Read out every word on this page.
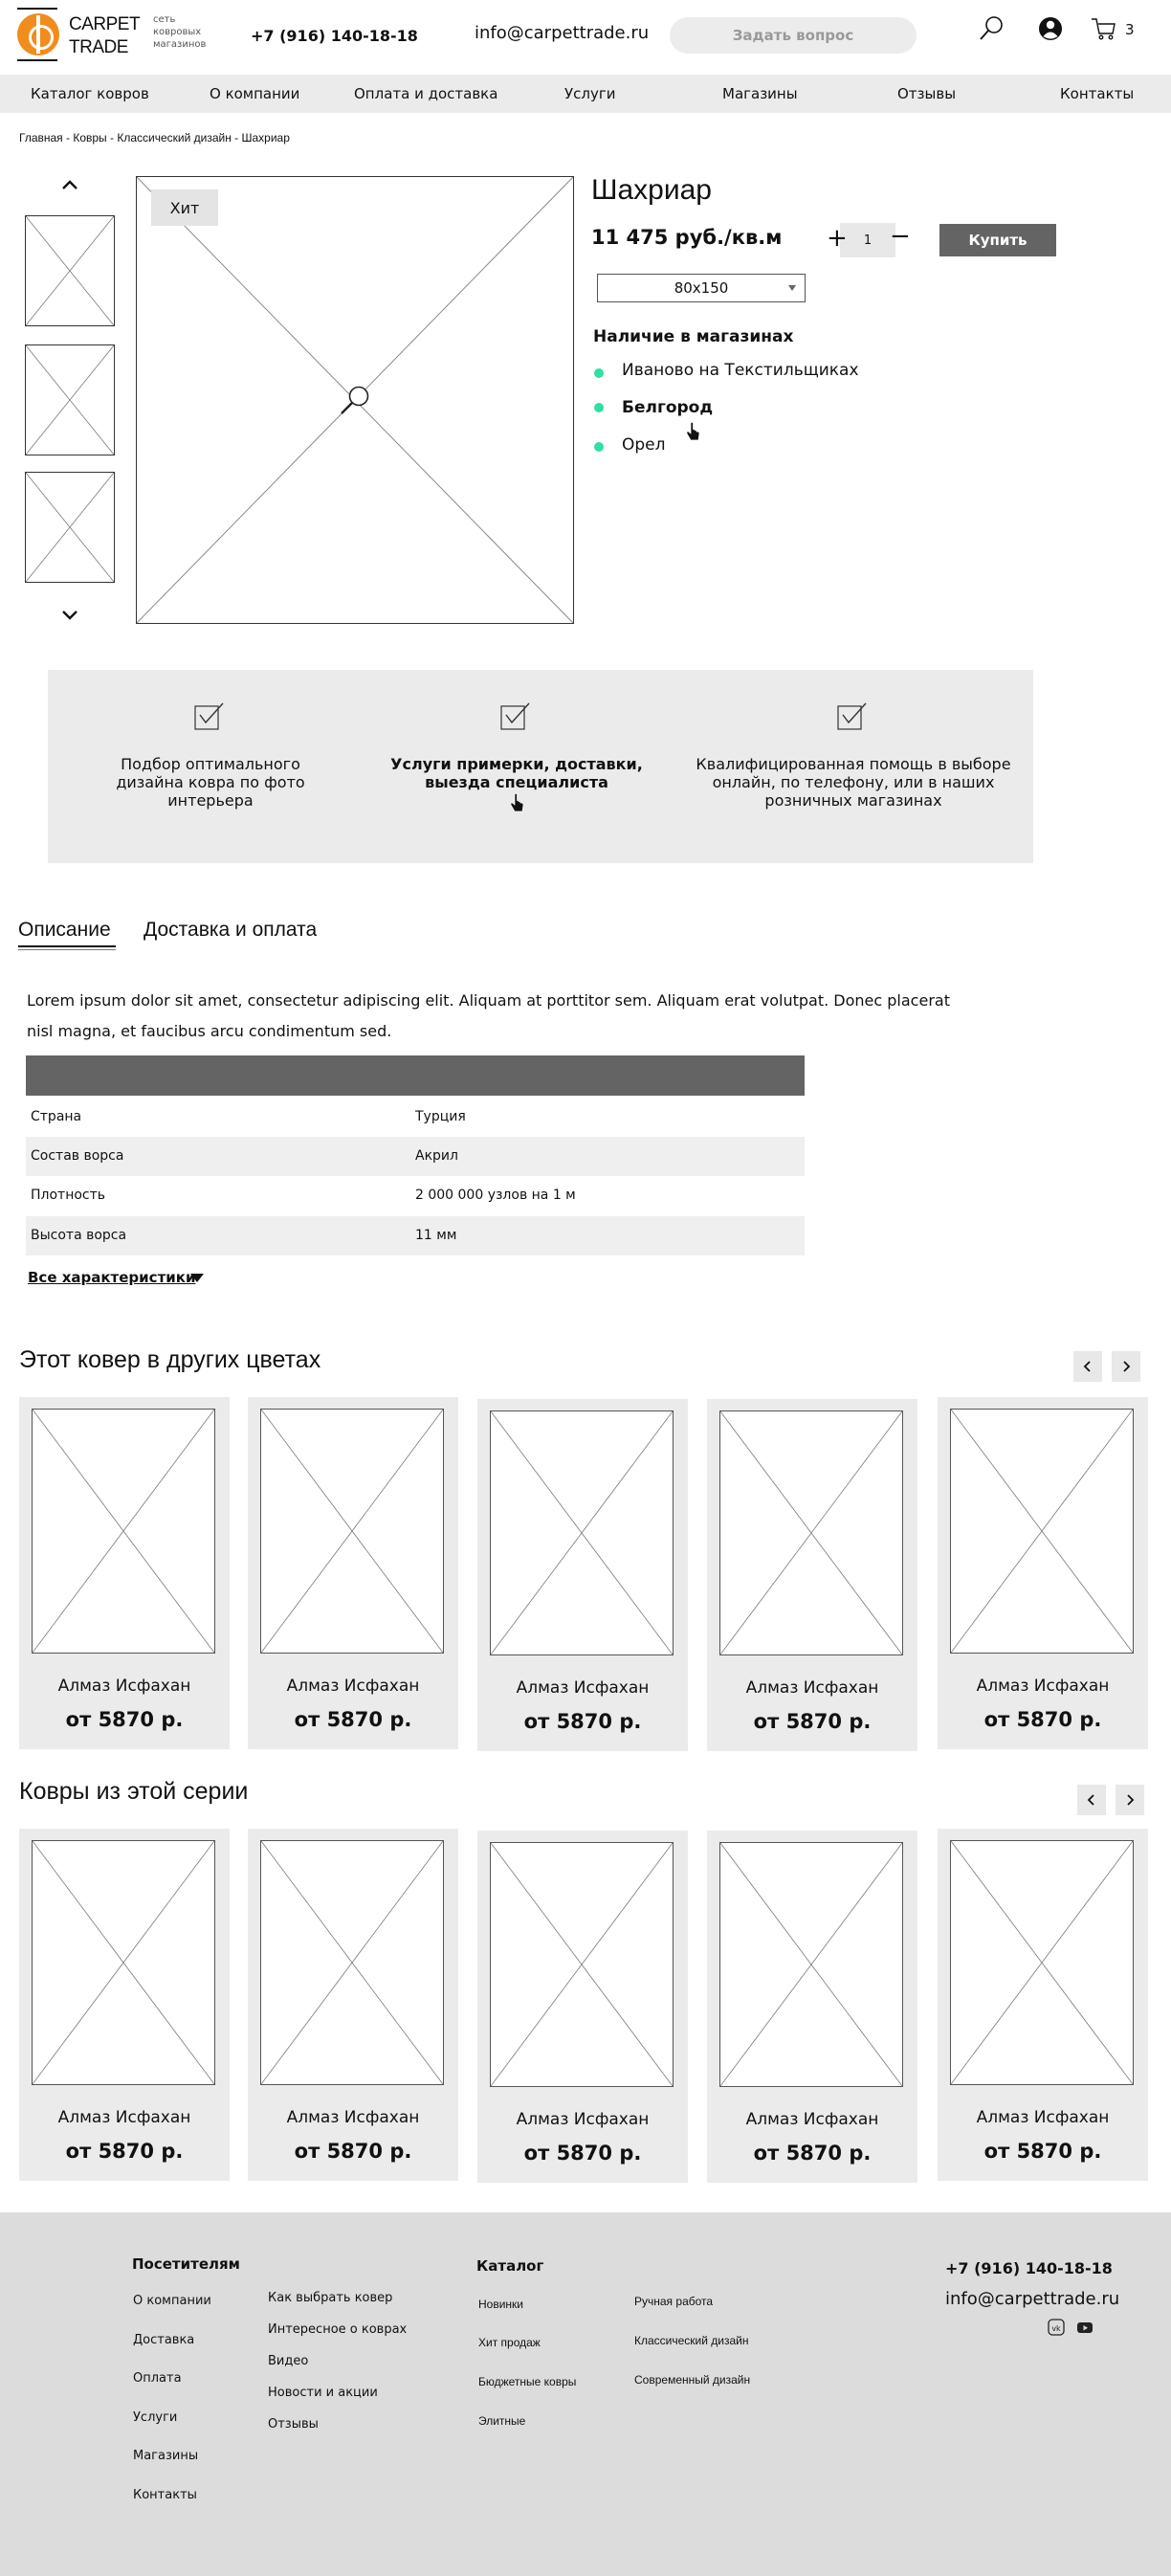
CARPET
TRADE
сеть
ковровых
магазинов	+7 (916) 140-18-18	info@carpettrade.ru	Задать вопрос	3
Каталог ковров	О компании	Оплата и доставка	Услуги	Магазины	Отзывы	Контакты
Главная - Ковры - Классический дизайн - Шахриар
Хит
Шахриар
11 475 руб./кв.м	1
+ −	Купить
80x150
Наличие в магазинах
Иваново на Текстильщиках
Белгород
Орел
Подбор оптимального
дизайна ковра по фото
интерьера
Услуги примерки, доставки,
выезда специалиста
Квалифицированная помощь в выборе
онлайн, по телефону, или в наших
розничных магазинах
Описание Доставка и оплата
Lorem ipsum dolor sit amet, consectetur adipiscing elit. Aliquam at porttitor sem. Aliquam erat volutpat. Donec placerat
nisl magna, et faucibus arcu condimentum sed.
Страна	Турция
Состав ворса	Акрил
Плотность	2 000 000 узлов на 1 м
Высота ворса	11 мм
Все характеристики
Этот ковер в других цветах
Алмаз Исфахан
от 5870 р.
Алмаз Исфахан
от 5870 р.
Алмаз Исфахан
от 5870 р.
Алмаз Исфахан
от 5870 р.
Алмаз Исфахан
от 5870 р.
Ковры из этой серии
Алмаз Исфахан
от 5870 р.
Алмаз Исфахан
от 5870 р.
Алмаз Исфахан
от 5870 р.
Алмаз Исфахан
от 5870 р.
Алмаз Исфахан
от 5870 р.
Посетителям
О компании
Доставка
Оплата
Услуги
Магазины
Контакты
Как выбрать ковер
Интересное о коврах
Видео
Новости и акции
Отзывы
Каталог
Новинки
Хит продаж
Бюджетные ковры
Элитные
Ручная работа
Классический дизайн
Современный дизайн
+7 (916) 140-18-18
info@carpettrade.ru
vk
